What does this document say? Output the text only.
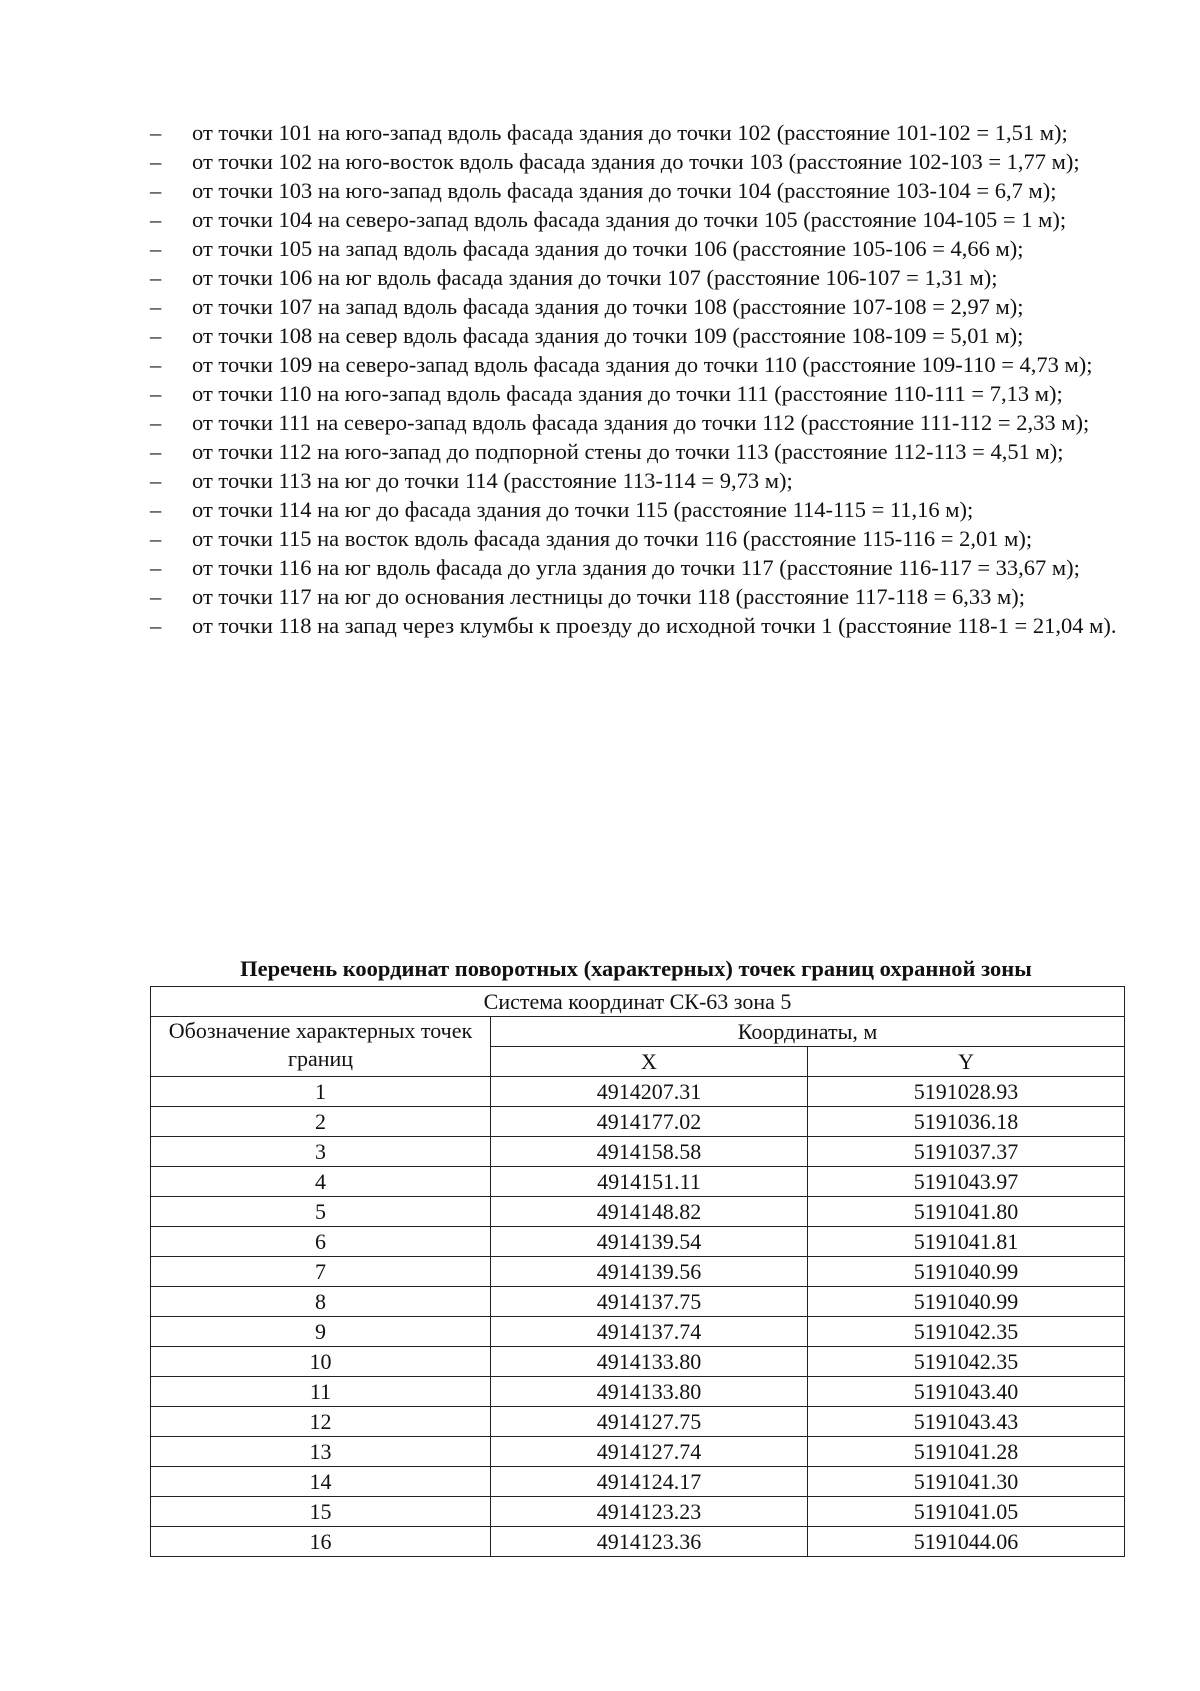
– от точки 101 на юго-запад вдоль фасада здания до точки 102 (расстояние 101-102 = 1,51 м);
– от точки 102 на юго-восток вдоль фасада здания до точки 103 (расстояние 102-103 = 1,77 м);
– от точки 103 на юго-запад вдоль фасада здания до точки 104 (расстояние 103-104 = 6,7 м);
– от точки 104 на северо-запад вдоль фасада здания до точки 105 (расстояние 104-105 = 1 м);
– от точки 105 на запад вдоль фасада здания до точки 106 (расстояние 105-106 = 4,66 м);
– от точки 106 на юг вдоль фасада здания до точки 107 (расстояние 106-107 = 1,31 м);
– от точки 107 на запад вдоль фасада здания до точки 108 (расстояние 107-108 = 2,97 м);
– от точки 108 на север вдоль фасада здания до точки 109 (расстояние 108-109 = 5,01 м);
– от точки 109 на северо-запад вдоль фасада здания до точки 110 (расстояние 109-110 = 4,73 м);
– от точки 110 на юго-запад вдоль фасада здания до точки 111 (расстояние 110-111 = 7,13 м);
– от точки 111 на северо-запад вдоль фасада здания до точки 112 (расстояние 111-112 = 2,33 м);
– от точки 112 на юго-запад до подпорной стены до точки 113 (расстояние 112-113 = 4,51 м);
– от точки 113 на юг до точки 114 (расстояние 113-114 = 9,73 м);
– от точки 114 на юг до фасада здания до точки 115 (расстояние 114-115 = 11,16 м);
– от точки 115 на восток вдоль фасада здания до точки 116 (расстояние 115-116 = 2,01 м);
– от точки 116 на юг вдоль фасада до угла здания до точки 117 (расстояние 116-117 = 33,67 м);
– от точки 117 на юг до основания лестницы до точки 118 (расстояние 117-118 = 6,33 м);
– от точки 118 на запад через клумбы к проезду до исходной точки 1 (расстояние 118-1 = 21,04 м).
Перечень координат поворотных (характерных) точек границ охранной зоны
Система координат СК-63 зона 5		
Обозначение характерных точек границ	Координаты, м	
	X	Y
1	4914207.31	5191028.93
2	4914177.02	5191036.18
3	4914158.58	5191037.37
4	4914151.11	5191043.97
5	4914148.82	5191041.80
6	4914139.54	5191041.81
7	4914139.56	5191040.99
8	4914137.75	5191040.99
9	4914137.74	5191042.35
10	4914133.80	5191042.35
11	4914133.80	5191043.40
12	4914127.75	5191043.43
13	4914127.74	5191041.28
14	4914124.17	5191041.30
15	4914123.23	5191041.05
16	4914123.36	5191044.06
